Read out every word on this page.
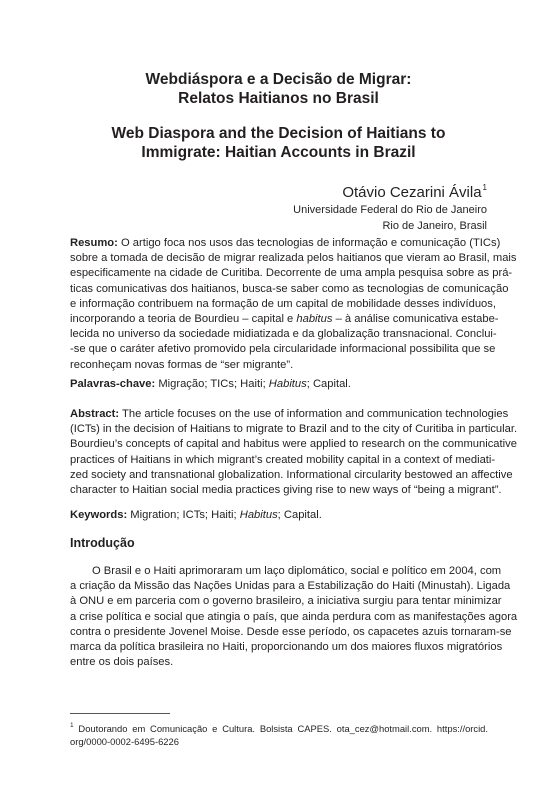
Webdiáspora e a Decisão de Migrar:
Relatos Haitianos no Brasil
Web Diaspora and the Decision of Haitians to
Immigrate: Haitian Accounts in Brazil
Otávio Cezarini Ávila$^1$
Universidade Federal do Rio de Janeiro
Rio de Janeiro, Brasil
Resumo: O artigo foca nos usos das tecnologias de informação e comunicação (TICs)
sobre a tomada de decisão de migrar realizada pelos haitianos que vieram ao Brasil, mais
especificamente na cidade de Curitiba. Decorrente de uma ampla pesquisa sobre as prá-
ticas comunicativas dos haitianos, busca-se saber como as tecnologias de comunicação
e informação contribuem na formação de um capital de mobilidade desses indivíduos,
incorporando a teoria de Bourdieu – capital e habitus – à análise comunicativa estabe-
lecida no universo da sociedade midiatizada e da globalização transnacional. Conclui-
-se que o caráter afetivo promovido pela circularidade informacional possibilita que se
reconheçam novas formas de “ser migrante”.
Palavras-chave: Migração; TICs; Haiti; Habitus; Capital.
Abstract: The article focuses on the use of information and communication technologies
(ICTs) in the decision of Haitians to migrate to Brazil and to the city of Curitiba in particular.
Bourdieu’s concepts of capital and habitus were applied to research on the communicative
practices of Haitians in which migrant’s created mobility capital in a context of mediati-
zed society and transnational globalization. Informational circularity bestowed an affective
character to Haitian social media practices giving rise to new ways of “being a migrant”.
Keywords: Migration; ICTs; Haiti; Habitus; Capital.
Introdução
O Brasil e o Haiti aprimoraram um laço diplomático, social e político em 2004, com
a criação da Missão das Nações Unidas para a Estabilização do Haiti (Minustah). Ligada
à ONU e em parceria com o governo brasileiro, a iniciativa surgiu para tentar minimizar
a crise política e social que atingia o país, que ainda perdura com as manifestações agora
contra o presidente Jovenel Moise. Desde esse período, os capacetes azuis tornaram-se
marca da política brasileira no Haiti, proporcionando um dos maiores fluxos migratórios
entre os dois países.
$^1$ Doutorando em Comunicação e Cultura. Bolsista CAPES. ota_cez@hotmail.com. https://orcid.
org/0000-0002-6495-6226
